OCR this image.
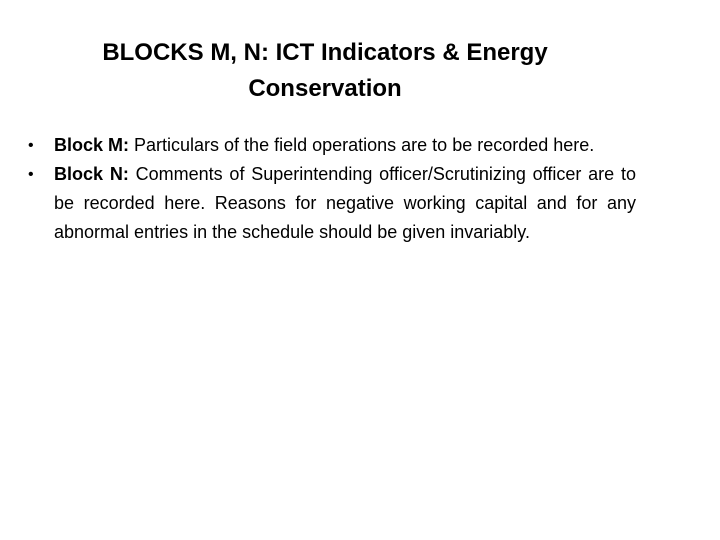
BLOCKS M, N: ICT Indicators & Energy
Conservation
•	Block M: Particulars of the field operations are to be recorded here.
•	Block N: Comments of Superintending officer/Scrutinizing officer are to be recorded here. Reasons for negative working capital and for any abnormal entries in the schedule should be given invariably.
